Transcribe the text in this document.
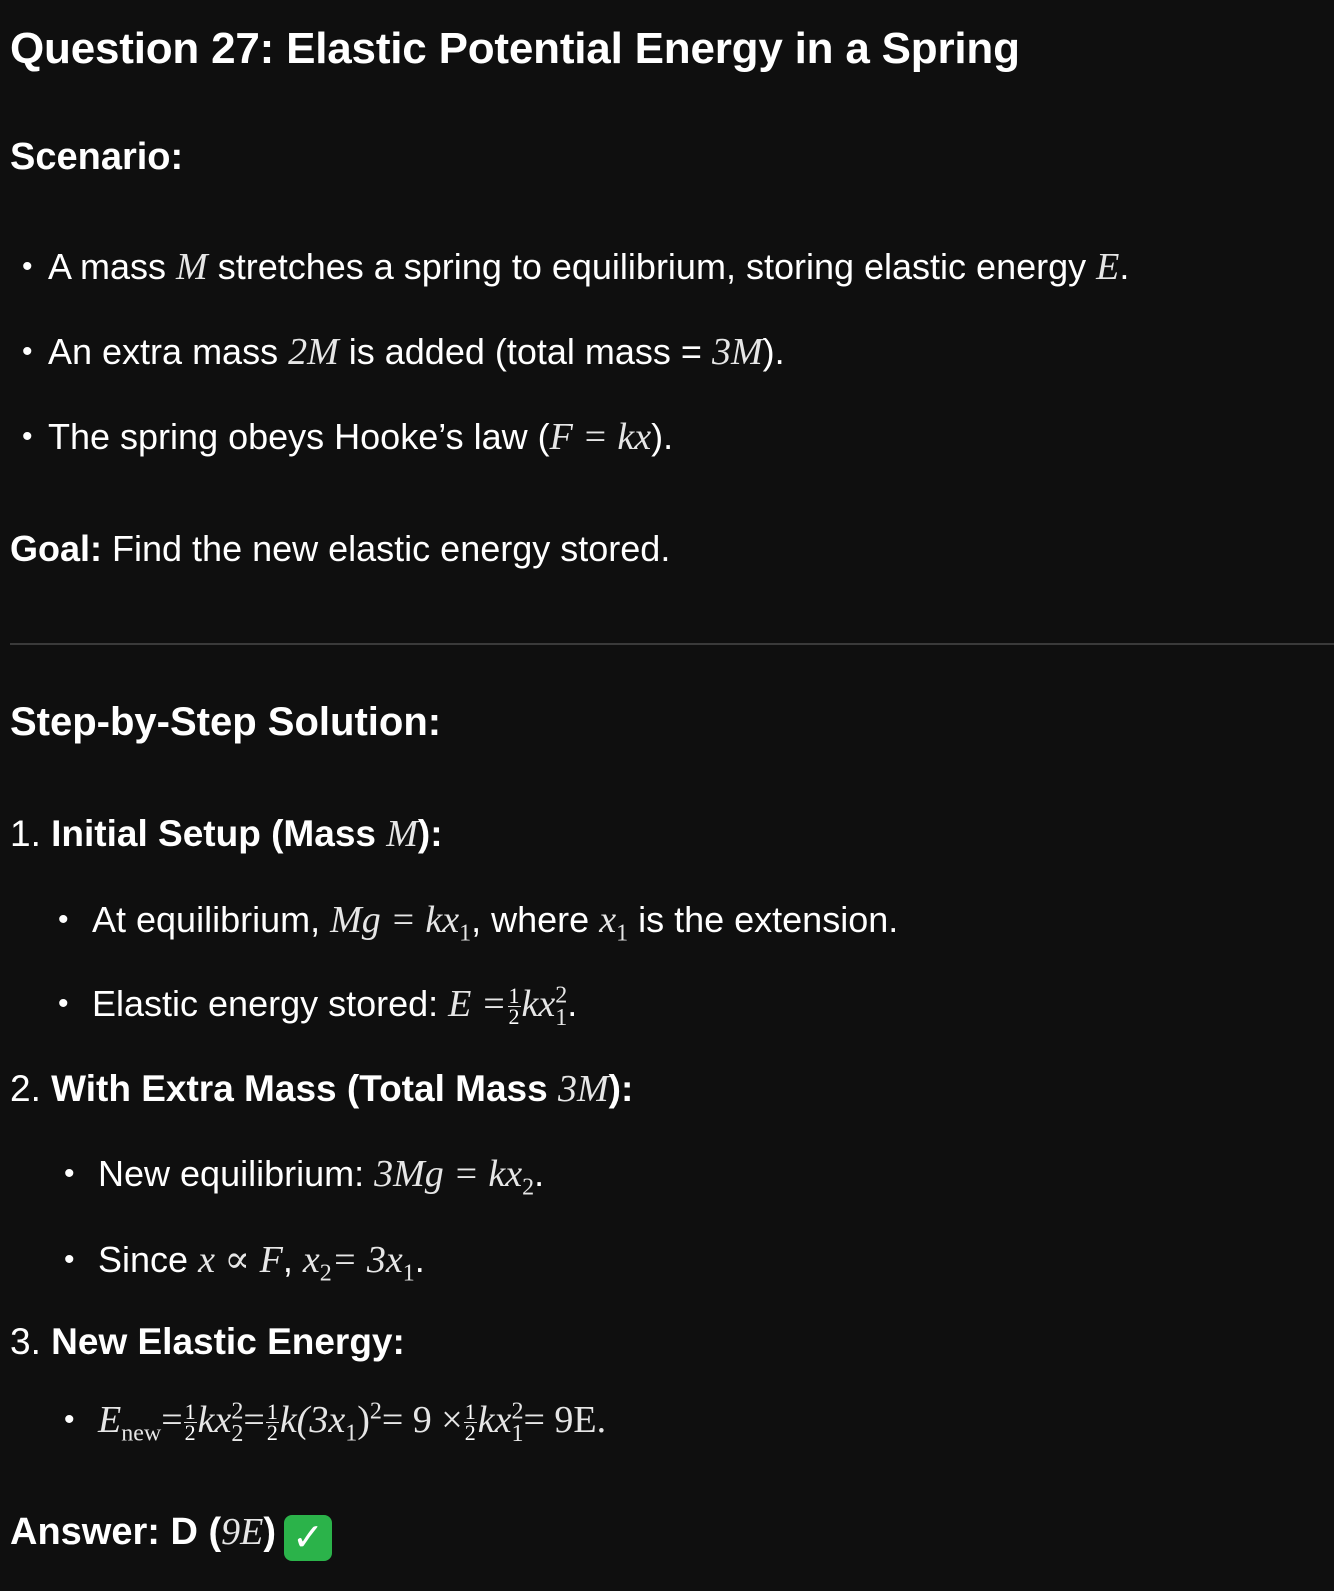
Question 27: Elastic Potential Energy in a Spring
Scenario:
• A mass M stretches a spring to equilibrium, storing elastic energy E.
• An extra mass 2M is added (total mass = 3M).
• The spring obeys Hooke’s law (F = kx).
Goal: Find the new elastic energy stored.
Step-by-Step Solution:
1. Initial Setup (Mass M):
• At equilibrium, $Mg = kx_1$, where $x_1$ is the extension.
• Elastic energy stored: $E = \frac{1}{2} kx^2_1$.
2. With Extra Mass (Total Mass 3M):
• New equilibrium: $3Mg = kx_2$.
• Since x ∝ F, $x_2= 3x_1$.
3. New Elastic Energy:
• $E_{new}= \frac{1}{2} kx^2_2= \frac{1}{2} k(3x_1)^2= 9 \times \frac{1}{2} kx^2_1= 9E$.
Answer: D (9E) ✓
